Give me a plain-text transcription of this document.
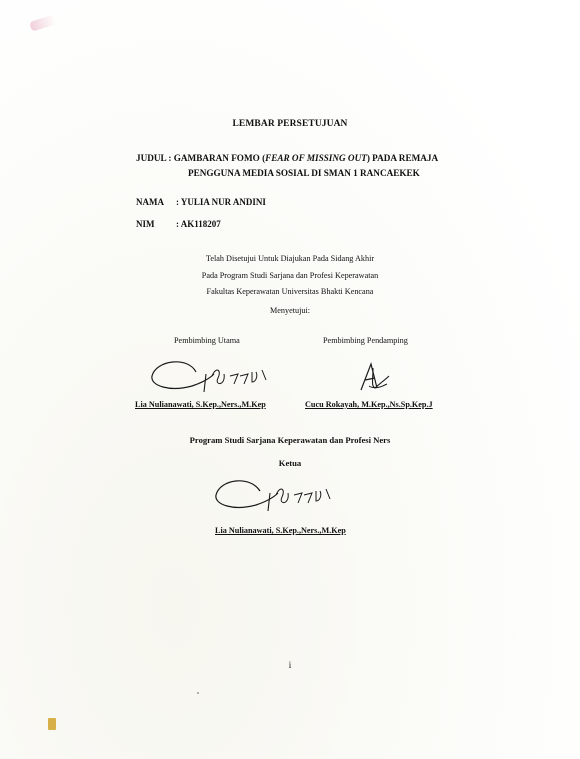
LEMBAR PERSETUJUAN
JUDUL : GAMBARAN FOMO (FEAR OF MISSING OUT) PADA REMAJA
PENGGUNA MEDIA SOSIAL DI SMAN 1 RANCAEKEK
NAMA : YULIA NUR ANDINI
NIM : AK118207
Telah Disetujui Untuk Diajukan Pada Sidang Akhir
Pada Program Studi Sarjana dan Profesi Keperawatan
Fakultas Keperawatan Universitas Bhakti Kencana
Menyetujui:
Pembimbing Utama	Pembimbing Pendamping
Lia Nulianawati, S.Kep.,Ners.,M.Kep	Cucu Rokayah, M.Kep.,Ns.Sp.Kep.J
Program Studi Sarjana Keperawatan dan Profesi Ners
Ketua
Lia Nulianawati, S.Kep.,Ners.,M.Kep
i
